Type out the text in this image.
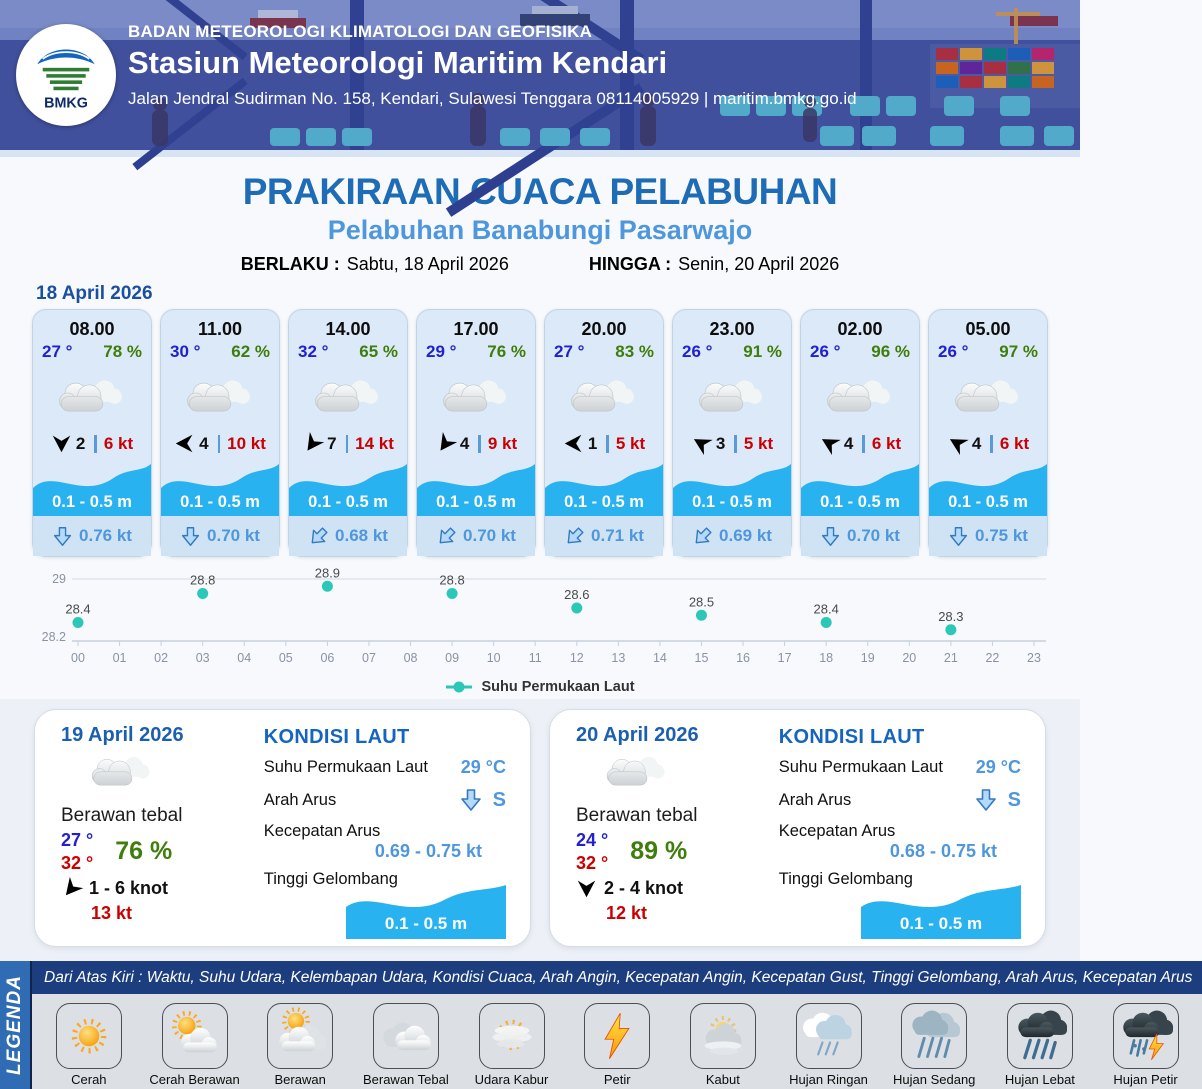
BMKG
BADAN METEOROLOGI KLIMATOLOGI DAN GEOFISIKA
Stasiun Meteorologi Maritim Kendari
Jalan Jendral Sudirman No. 158, Kendari, Sulawesi Tenggara 08114005929 | maritim.bmkg.go.id
PRAKIRAAN CUACA PELABUHAN
Pelabuhan Banabungi Pasarwajo
BERLAKU : Sabtu, 18 April 2026	HINGGA : Senin, 20 April 2026
18 April 2026
08.00
27 ° 78 %
2 6 kt
0.1 - 0.5 m
0.76 kt
11.00
30 ° 62 %
4 10 kt
0.1 - 0.5 m
0.70 kt
14.00
32 ° 65 %
7 14 kt
0.1 - 0.5 m
0.68 kt
17.00
29 ° 76 %
4 9 kt
0.1 - 0.5 m
0.70 kt
20.00
27 ° 83 %
1 5 kt
0.1 - 0.5 m
0.71 kt
23.00
26 ° 91 %
3 5 kt
0.1 - 0.5 m
0.69 kt
02.00
26 ° 96 %
4 6 kt
0.1 - 0.5 m
0.70 kt
05.00
26 ° 97 %
4 6 kt
0.1 - 0.5 m
0.75 kt
29
28.2
00 01 02 03 04 05 06 07 08 09 10 11 12 13 14 15 16 17 18 19 20 21 22 23
28.4
28.8	28.9	28.8
28.6	28.5	28.4	28.3
Suhu Permukaan Laut
19 April 2026
Berawan tebal
27 °
32 ° 76 %
1 - 6 knot
13 kt
KONDISI LAUT
Suhu Permukaan Laut 29 °C
Arah Arus	S
Kecepatan Arus
0.69 - 0.75 kt
Tinggi Gelombang
0.1 - 0.5 m
20 April 2026
Berawan tebal
24 °
32 ° 89 %
2 - 4 knot
12 kt
KONDISI LAUT
Suhu Permukaan Laut 29 °C
Arah Arus	S
Kecepatan Arus
0.68 - 0.75 kt
Tinggi Gelombang
0.1 - 0.5 m
LEGENDA	Dari Atas Kiri : Waktu, Suhu Udara, Kelembapan Udara, Kondisi Cuaca, Arah Angin, Kecepatan Angin, Kecepatan Gust, Tinggi Gelombang, Arah Arus, Kecepatan Arus
Cerah	Cerah Berawan	Berawan	Berawan Tebal	Udara Kabur	Petir	Kabut	Hujan Ringan	Hujan Sedang	Hujan Lebat	Hujan Petir
